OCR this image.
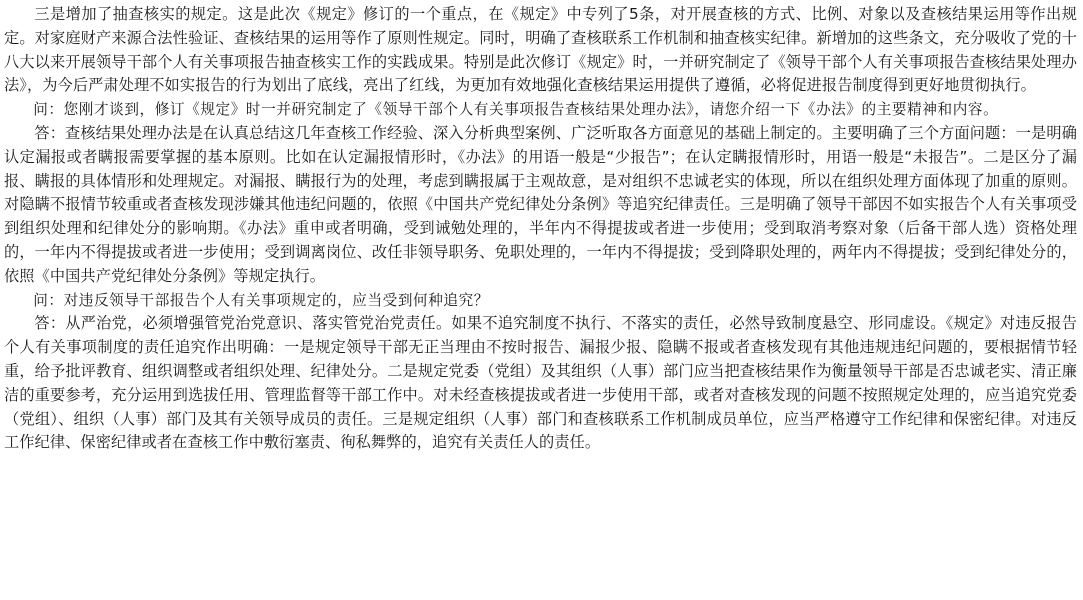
三是增加了抽查核实的规定。这是此次《规定》修订的一个重点，在《规定》中专列了5条，对开展查核的方式、比例、对象以及查核结果运用等作出规定。对家庭财产来源合法性验证、查核结果的运用等作了原则性规定。同时，明确了查核联系工作机制和抽查核实纪律。新增加的这些条文，充分吸收了党的十八大以来开展领导干部个人有关事项报告抽查核实工作的实践成果。特别是此次修订《规定》时，一并研究制定了《领导干部个人有关事项报告查核结果处理办法》，为今后严肃处理不如实报告的行为划出了底线，亮出了红线，为更加有效地强化查核结果运用提供了遵循，必将促进报告制度得到更好地贯彻执行。

问：您刚才谈到，修订《规定》时一并研究制定了《领导干部个人有关事项报告查核结果处理办法》，请您介绍一下《办法》的主要精神和内容。

答：查核结果处理办法是在认真总结这几年查核工作经验、深入分析典型案例、广泛听取各方面意见的基础上制定的。主要明确了三个方面问题：一是明确认定漏报或者瞒报需要掌握的基本原则。比如在认定漏报情形时，《办法》的用语一般是“少报告”；在认定瞒报情形时，用语一般是“未报告”。二是区分了漏报、瞒报的具体情形和处理规定。对漏报、瞒报行为的处理，考虑到瞒报属于主观故意，是对组织不忠诚老实的体现，所以在组织处理方面体现了加重的原则。对隐瞒不报情节较重或者查核发现涉嫌其他违纪问题的，依照《中国共产党纪律处分条例》等追究纪律责任。三是明确了领导干部因不如实报告个人有关事项受到组织处理和纪律处分的影响期。《办法》重申或者明确，受到诫勉处理的，半年内不得提拔或者进一步使用；受到取消考察对象（后备干部人选）资格处理的，一年内不得提拔或者进一步使用；受到调离岗位、改任非领导职务、免职处理的，一年内不得提拔；受到降职处理的，两年内不得提拔；受到纪律处分的，依照《中国共产党纪律处分条例》等规定执行。

问：对违反领导干部报告个人有关事项规定的，应当受到何种追究？

答：从严治党，必须增强管党治党意识、落实管党治党责任。如果不追究制度不执行、不落实的责任，必然导致制度悬空、形同虚设。《规定》对违反报告个人有关事项制度的责任追究作出明确：一是规定领导干部无正当理由不按时报告、漏报少报、隐瞒不报或者查核发现有其他违规违纪问题的，要根据情节轻重，给予批评教育、组织调整或者组织处理、纪律处分。二是规定党委（党组）及其组织（人事）部门应当把查核结果作为衡量领导干部是否忠诚老实、清正廉洁的重要参考，充分运用到选拔任用、管理监督等干部工作中。对未经查核提拔或者进一步使用干部，或者对查核发现的问题不按照规定处理的，应当追究党委（党组）、组织（人事）部门及其有关领导成员的责任。三是规定组织（人事）部门和查核联系工作机制成员单位，应当严格遵守工作纪律和保密纪律。对违反工作纪律、保密纪律或者在查核工作中敷衍塞责、徇私舞弊的，追究有关责任人的责任。
